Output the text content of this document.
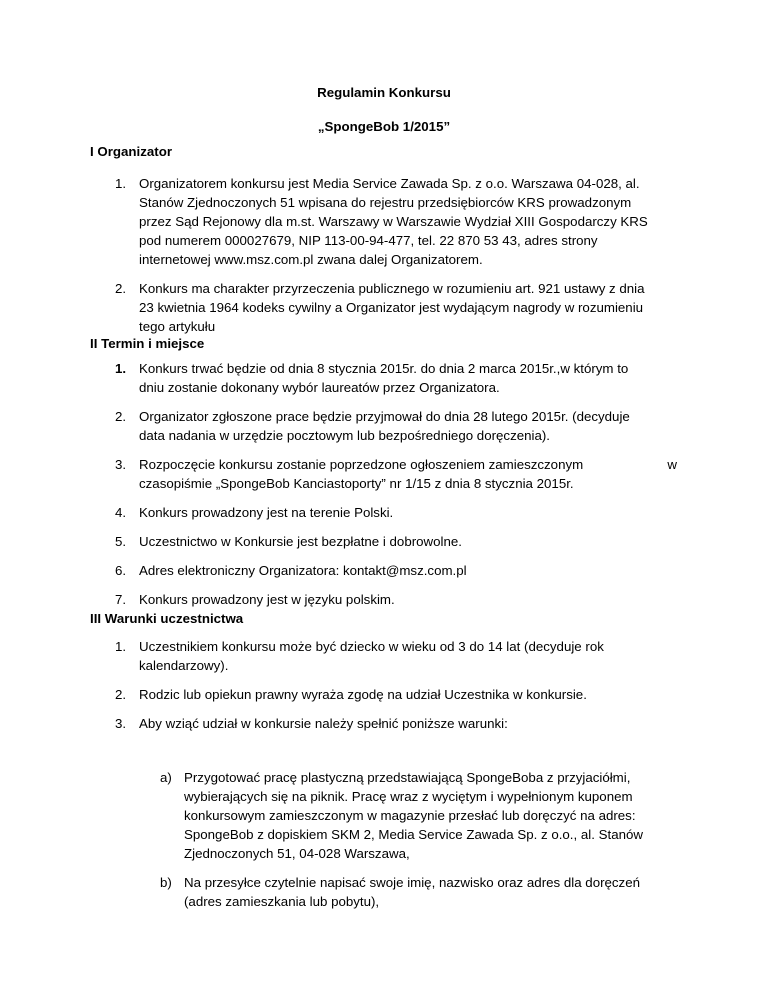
Regulamin Konkursu

„SpongeBob 1/2015”

I Organizator

1. Organizatorem konkursu jest Media Service Zawada Sp. z o.o. Warszawa 04-028, al.

Stanów Zjednoczonych 51 wpisana do rejestru przedsiębiorców KRS prowadzonym

przez Sąd Rejonowy dla m.st. Warszawy w Warszawie Wydział XIII Gospodarczy KRS

pod numerem 000027679, NIP 113-00-94-477, tel. 22 870 53 43, adres strony

internetowej www.msz.com.pl zwana dalej Organizatorem.

2. Konkurs ma charakter przyrzeczenia publicznego w rozumieniu art. 921 ustawy z dnia

23 kwietnia 1964 kodeks cywilny a Organizator jest wydającym nagrody w rozumieniu

tego artykułu

II Termin i miejsce

1. Konkurs trwać będzie od dnia 8 stycznia 2015r. do dnia 2 marca 2015r.,w którym to

dniu zostanie dokonany wybór laureatów przez Organizatora.

2. Organizator zgłoszone prace będzie przyjmował do dnia 28 lutego 2015r. (decyduje

data nadania w urzędzie pocztowym lub bezpośredniego doręczenia).

3. Rozpoczęcie konkursu zostanie poprzedzone ogłoszeniem zamieszczonym	w

czasopiśmie „SpongeBob Kanciastoporty” nr 1/15 z dnia 8 stycznia 2015r.

4. Konkurs prowadzony jest na terenie Polski.

5. Uczestnictwo w Konkursie jest bezpłatne i dobrowolne.

6. Adres elektroniczny Organizatora: kontakt@msz.com.pl

7. Konkurs prowadzony jest w języku polskim.

III Warunki uczestnictwa

1. Uczestnikiem konkursu może być dziecko w wieku od 3 do 14 lat (decyduje rok

kalendarzowy).

2. Rodzic lub opiekun prawny wyraża zgodę na udział Uczestnika w konkursie.

3. Aby wziąć udział w konkursie należy spełnić poniższe warunki:

a) Przygotować pracę plastyczną przedstawiającą SpongeBoba z przyjaciółmi,

wybierających się na piknik. Pracę wraz z wyciętym i wypełnionym kuponem

konkursowym zamieszczonym w magazynie przesłać lub doręczyć na adres:

SpongeBob z dopiskiem SKM 2, Media Service Zawada Sp. z o.o., al. Stanów

Zjednoczonych 51, 04-028 Warszawa,

b) Na przesyłce czytelnie napisać swoje imię, nazwisko oraz adres dla doręczeń

(adres zamieszkania lub pobytu),
